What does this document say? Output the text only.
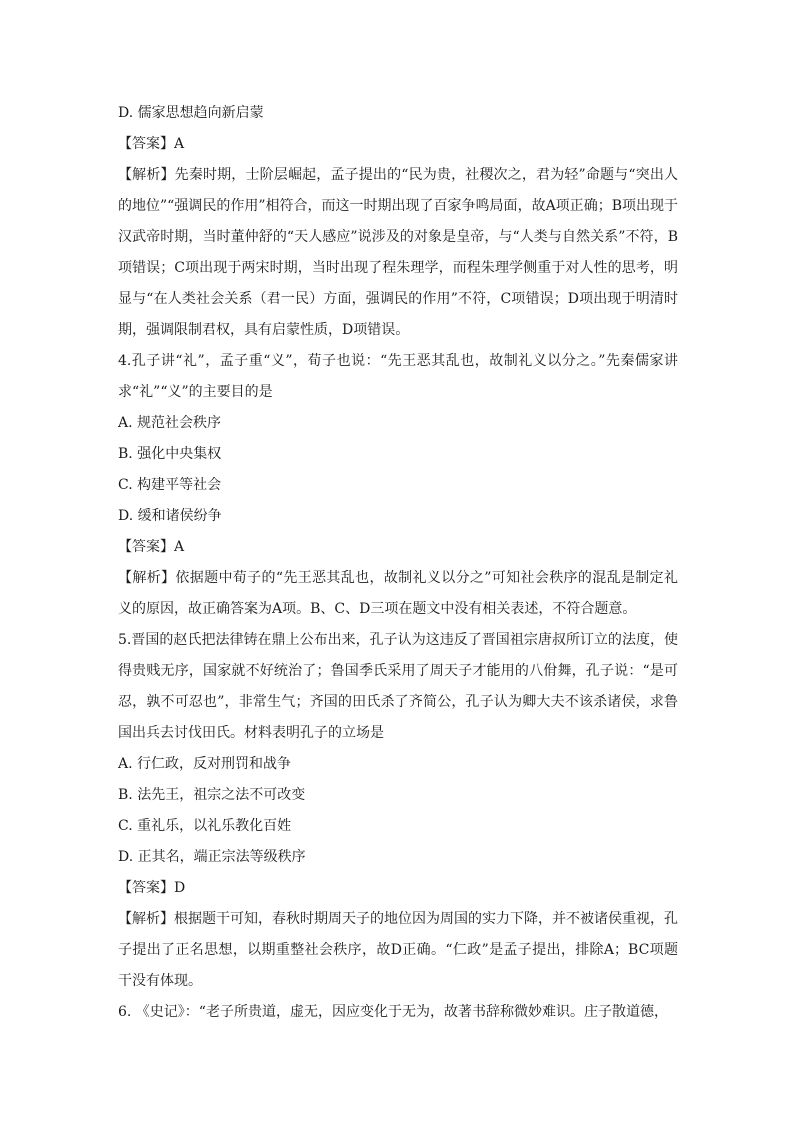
D. 儒家思想趋向新启蒙

【答案】A

【解析】先秦时期，士阶层崛起，孟子提出的“民为贵，社稷次之，君为轻”命题与“突出人的地位”“强调民的作用”相符合，而这一时期出现了百家争鸣局面，故A项正确；B项出现于汉武帝时期，当时董仲舒的“天人感应”说涉及的对象是皇帝，与“人类与自然关系”不符，B项错误；C项出现于两宋时期，当时出现了程朱理学，而程朱理学侧重于对人性的思考，明显与“在人类社会关系（君一民）方面，强调民的作用”不符，C项错误；D项出现于明清时期，强调限制君权，具有启蒙性质，D项错误。

4.孔子讲“礼”，孟子重“义”，荀子也说：“先王恶其乱也，故制礼义以分之。”先秦儒家讲求“礼”“义”的主要目的是

A. 规范社会秩序

B. 强化中央集权

C. 构建平等社会

D. 缓和诸侯纷争

【答案】A

【解析】依据题中荀子的“先王恶其乱也，故制礼义以分之”可知社会秩序的混乱是制定礼义的原因，故正确答案为A项。B、C、D三项在题文中没有相关表述，不符合题意。

5.晋国的赵氏把法律铸在鼎上公布出来，孔子认为这违反了晋国祖宗唐叔所订立的法度，使得贵贱无序，国家就不好统治了；鲁国季氏采用了周天子才能用的八佾舞，孔子说：“是可忍，孰不可忍也”，非常生气；齐国的田氏杀了齐简公，孔子认为卿大夫不该杀诸侯，求鲁国出兵去讨伐田氏。材料表明孔子的立场是

A. 行仁政，反对刑罚和战争

B. 法先王，祖宗之法不可改变

C. 重礼乐，以礼乐教化百姓

D. 正其名，端正宗法等级秩序

【答案】D

【解析】根据题干可知，春秋时期周天子的地位因为周国的实力下降，并不被诸侯重视，孔子提出了正名思想，以期重整社会秩序，故D正确。“仁政”是孟子提出，排除A；BC项题干没有体现。

6. 《史记》：“老子所贵道，虚无，因应变化于无为，故著书辞称微妙难识。庄子散道德，
